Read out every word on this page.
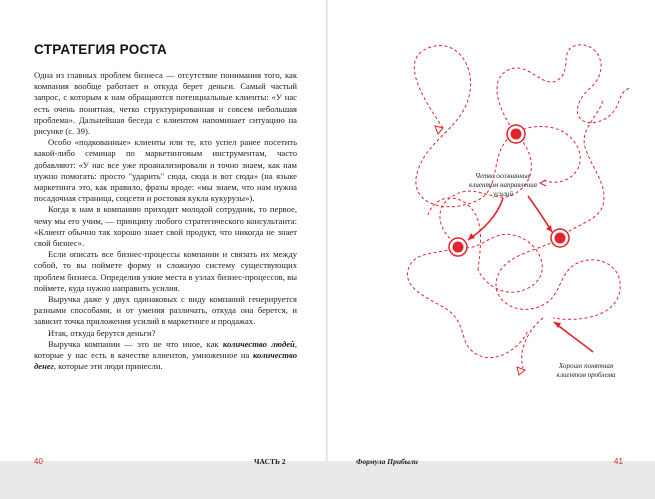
СТРАТЕГИЯ РОСТА

Одна из главных проблем бизнеса — отсутствие понимания того, как компания вообще работает и откуда берет деньги. Самый частый запрос, с которым к нам обращаются потенциальные клиенты: «У нас есть очень понятная, четко структурированная и совсем небольшая проблема». Дальнейшая беседа с клиентом напоминает ситуацию на рисунке (с. 39).

Особо «подкованные» клиенты или те, кто успел ранее посетить какой-либо семинар по маркетинговым инструментам, часто добавляют: «У нас все уже проанализировали и точно знаем, как нам нужно помогать: просто "ударить" сюда, сюда и вот сюда» (на языке маркетинга это, как правило, фразы вроде: «мы знаем, что нам нужна посадочная страница, соцсети и ростовая кукла кукурузы»).

Когда к нам в компанию приходит молодой сотрудник, то первое, чему мы его учим, — принципу любого стратегического консультанта: «Клиент обычно так хорошо знает свой продукт, что никогда не знает свой бизнес».

Если описать все бизнес-процессы компании и связать их между собой, то вы поймете форму и сложную систему существующих проблем бизнеса. Определив узкие места в узлах бизнес-процессов, вы поймете, куда нужно направить усилия.

Выручка даже у двух одинаковых с виду компаний генерируется разными способами, и от умения различать, откуда она берется, и зависит точка приложения усилий в маркетинге и продажах.

Итак, откуда берутся деньги?

Выручка компании — это не что иное, как количество людей, которые у нас есть в качестве клиентов, умноженное на количество денег, которые эти люди принесли.

40	ЧАСТЬ 2
Четко осознанные
клиентом направления
усилий
Хорошо понятная
клиентом проблема
Формула Прибыли	41
